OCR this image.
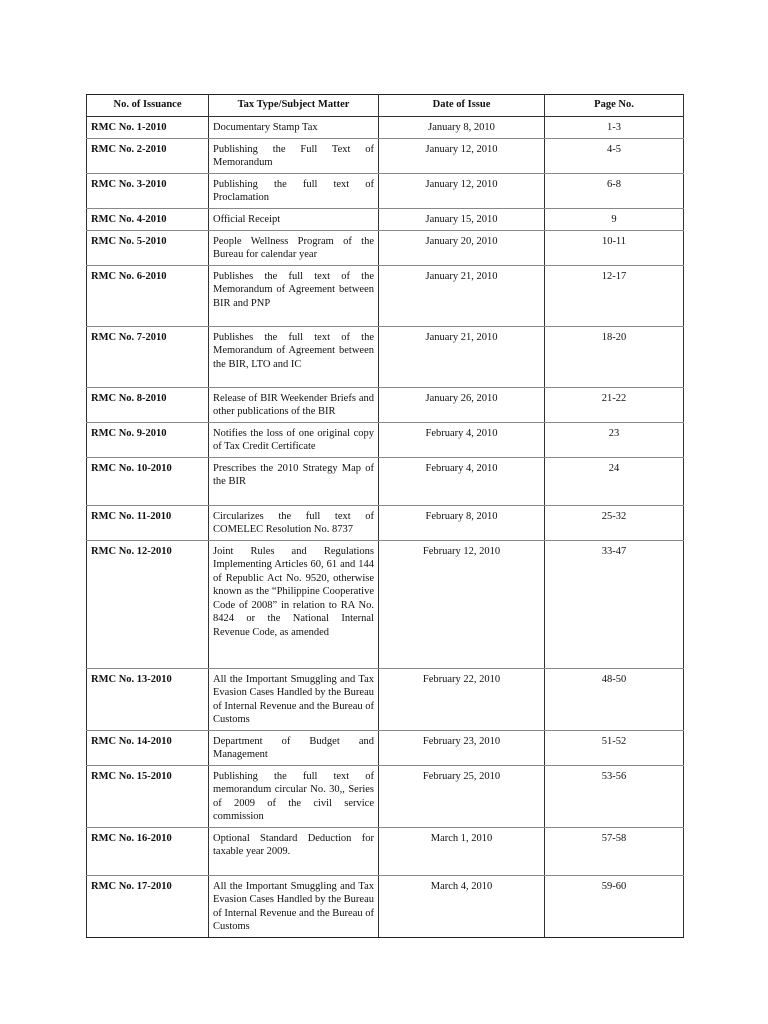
No. of Issuance	Tax Type/Subject Matter	Date of Issue	Page No.
RMC No. 1-2010	Documentary Stamp Tax	January 8, 2010	1-3
RMC No. 2-2010	Publishing the Full Text of Memorandum	January 12, 2010	4-5
RMC No. 3-2010	Publishing the full text of Proclamation	January 12, 2010	6-8
RMC No. 4-2010	Official Receipt	January 15, 2010	9
RMC No. 5-2010	People Wellness Program of the Bureau for calendar year	January 20, 2010	10-11
RMC No. 6-2010	Publishes the full text of the Memorandum of Agreement between BIR and PNP	January 21, 2010	12-17
RMC No. 7-2010	Publishes the full text of the Memorandum of Agreement between the BIR, LTO and IC	January 21, 2010	18-20
RMC No. 8-2010	Release of BIR Weekender Briefs and other publications of the BIR	January 26, 2010	21-22
RMC No. 9-2010	Notifies the loss of one original copy of Tax Credit Certificate	February 4, 2010	23
RMC No. 10-2010	Prescribes the 2010 Strategy Map of the BIR	February 4, 2010	24
RMC No. 11-2010	Circularizes the full text of COMELEC Resolution No. 8737	February 8, 2010	25-32
RMC No. 12-2010	Joint Rules and Regulations Implementing Articles 60, 61 and 144 of Republic Act No. 9520, otherwise known as the “Philippine Cooperative Code of 2008” in relation to RA No. 8424 or the National Internal Revenue Code, as amended	February 12, 2010	33-47
RMC No. 13-2010	All the Important Smuggling and Tax Evasion Cases Handled by the Bureau of Internal Revenue and the Bureau of Customs	February 22, 2010	48-50
RMC No. 14-2010	Department of Budget and Management	February 23, 2010	51-52
RMC No. 15-2010	Publishing the full text of memorandum circular No. 30,, Series of 2009 of the civil service commission	February 25, 2010	53-56
RMC No. 16-2010	Optional Standard Deduction for taxable year 2009.	March 1, 2010	57-58
RMC No. 17-2010	All the Important Smuggling and Tax Evasion Cases Handled by the Bureau of Internal Revenue and the Bureau of Customs	March 4, 2010	59-60
